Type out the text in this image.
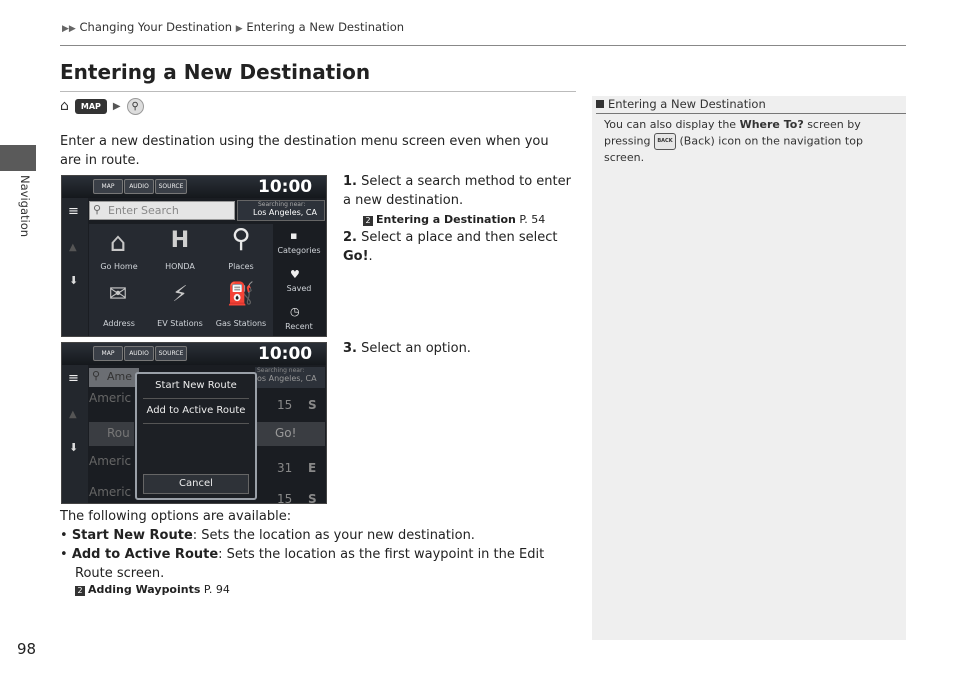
Navigation
98
▶▶ Changing Your Destination ▶ Entering a New Destination
Entering a New Destination
⌂	MAP	▶	⚲
Enter a new destination using the destination menu screen even when you are in route.
MAP	AUDIO	SOURCE	10:00
≡
▲
⬇
⚲ Enter Search	Searching near:
Los Angeles, CA
⌂	H	⚲
Go Home	HONDA	Places
✉	⚡	⛽
Address	EV Stations	Gas Stations
▪
Categories
♥
Saved
◷
Recent
1. Select a search method to enter a new destination.
2 Entering a Destination P. 54
2. Select a place and then select Go!.
3. Select an option.
MAP	AUDIO	SOURCE	10:00
≡
▲
⬇
⚲ Ame	Searching near:
os Angeles, CA
Americ
Rou	Go!
Americ
Americ
15 S
31 E
15 S
Start New Route
Add to Active Route
Cancel
The following options are available:
• Start New Route: Sets the location as your new destination.
• Add to Active Route: Sets the location as the first waypoint in the Edit Route screen.
2 Adding Waypoints P. 94
Entering a New Destination
You can also display the Where To? screen by pressing BACK (Back) icon on the navigation top screen.
